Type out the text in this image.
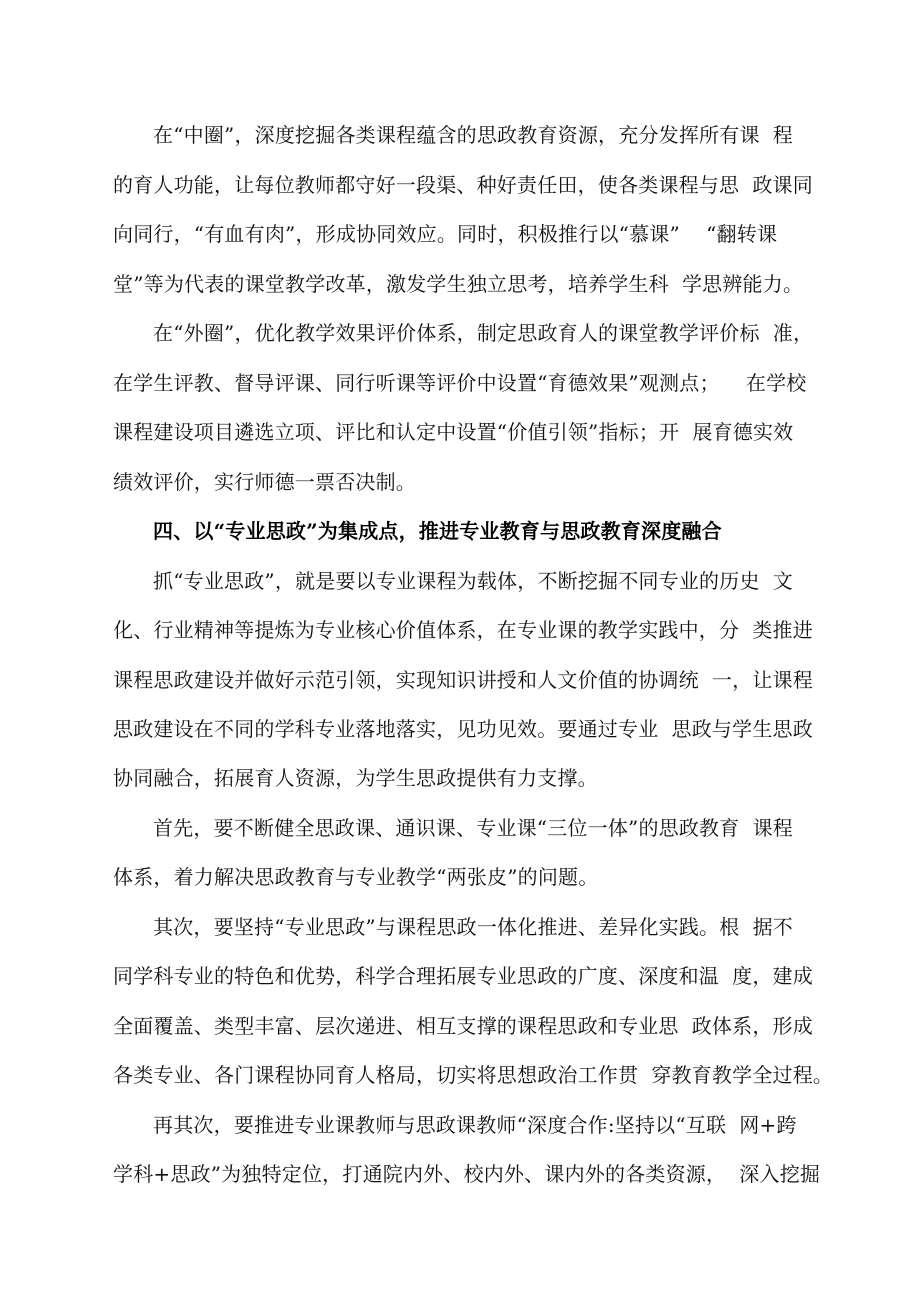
在“中圈”，深度挖掘各类课程蕴含的思政教育资源，充分发挥所有课  程

的育人功能，让每位教师都守好一段渠、种好责任田，使各类课程与思  政课同

向同行，“有血有肉”，形成协同效应。同时，积极推行以“慕课”    “翻转课

堂”等为代表的课堂教学改革，激发学生独立思考，培养学生科  学思辨能力。

在“外圈”，优化教学效果评价体系，制定思政育人的课堂教学评价标  准，

在学生评教、督导评课、同行听课等评价中设置“育德效果”观测点；    在学校

课程建设项目遴选立项、评比和认定中设置“价值引领”指标；开  展育德实效

绩效评价，实行师德一票否决制。

四、以“专业思政”为集成点，推进专业教育与思政教育深度融合

抓“专业思政”，就是要以专业课程为载体，不断挖掘不同专业的历史  文

化、行业精神等提炼为专业核心价值体系，在专业课的教学实践中，分  类推进

课程思政建设并做好示范引领，实现知识讲授和人文价值的协调统  一，让课程

思政建设在不同的学科专业落地落实，见功见效。要通过专业  思政与学生思政

协同融合，拓展育人资源，为学生思政提供有力支撑。

首先，要不断健全思政课、通识课、专业课“三位一体”的思政教育  课程

体系，着力解决思政教育与专业教学“两张皮”的问题。

其次，要坚持“专业思政”与课程思政一体化推进、差异化实践。根  据不

同学科专业的特色和优势，科学合理拓展专业思政的广度、深度和温  度，建成

全面覆盖、类型丰富、层次递进、相互支撑的课程思政和专业思  政体系，形成

各类专业、各门课程协同育人格局，切实将思想政治工作贯  穿教育教学全过程。

再其次，要推进专业课教师与思政课教师“深度合作:坚持以“互联  网+跨

学科+思政”为独特定位，打通院内外、校内外、课内外的各类资源，  深入挖掘
